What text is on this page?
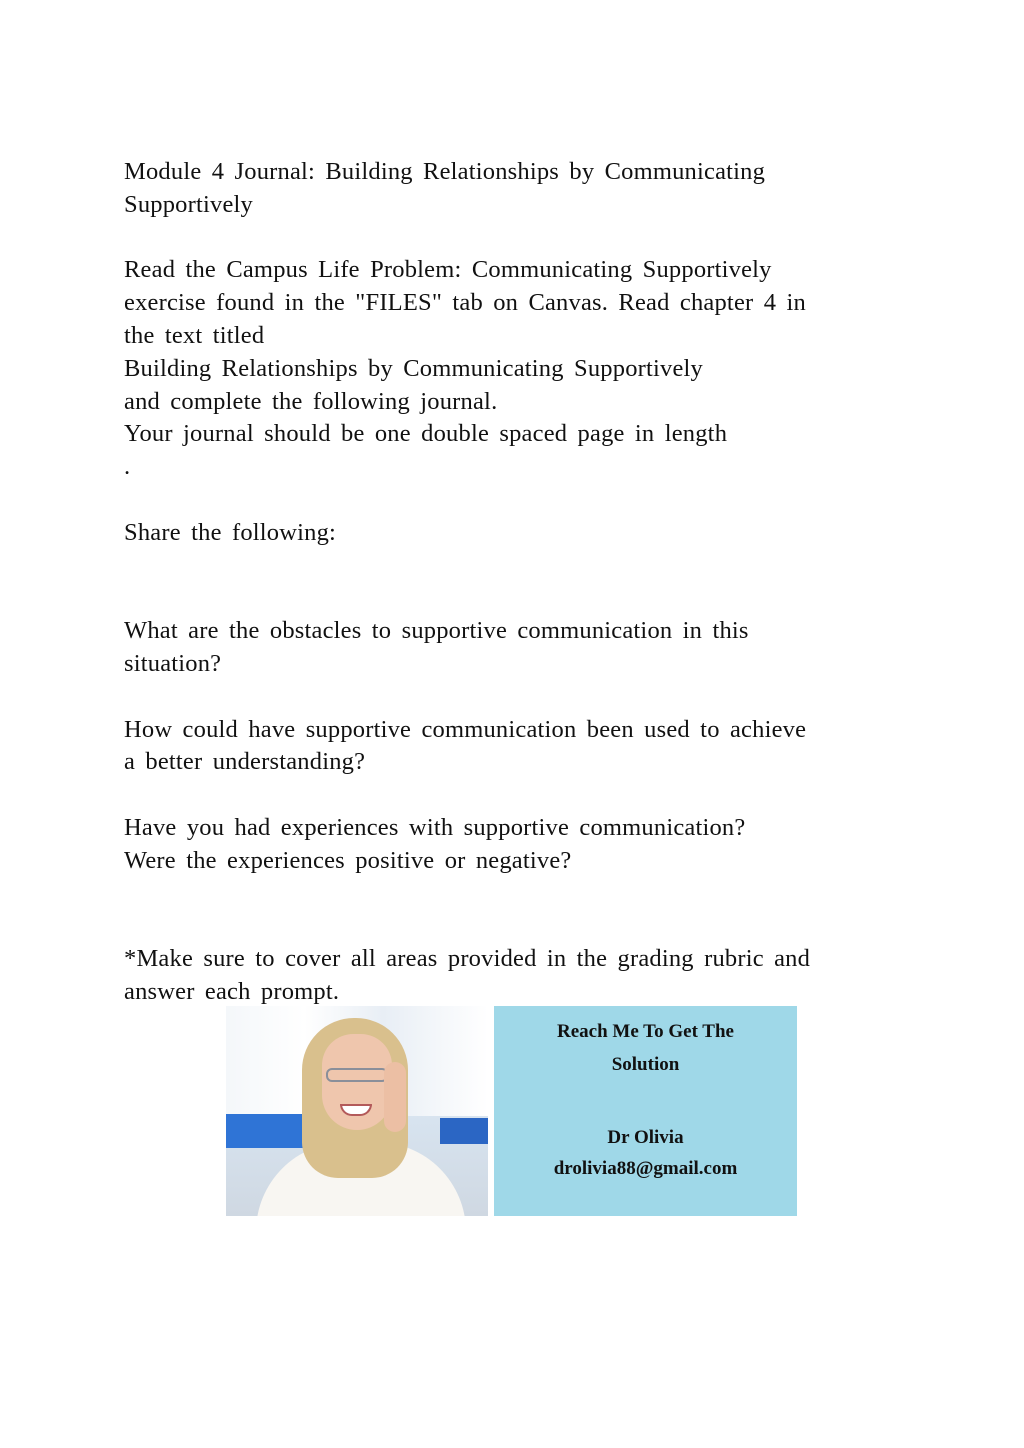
Module 4 Journal: Building Relationships by Communicating
Supportively
Read the Campus Life Problem: Communicating Supportively
exercise found in the "FILES" tab on Canvas. Read chapter 4 in
the text titled
Building Relationships by Communicating Supportively
and complete the following journal.
Your journal should be one double spaced page in length
.
Share the following:
What are the obstacles to supportive communication in this
situation?
How could have supportive communication been used to achieve
a better understanding?
Have you had experiences with supportive communication?
Were the experiences positive or negative?
*Make sure to cover all areas provided in the grading rubric and
answer each prompt.
Reach Me To Get The
Solution
Dr Olivia
drolivia88@gmail.com
